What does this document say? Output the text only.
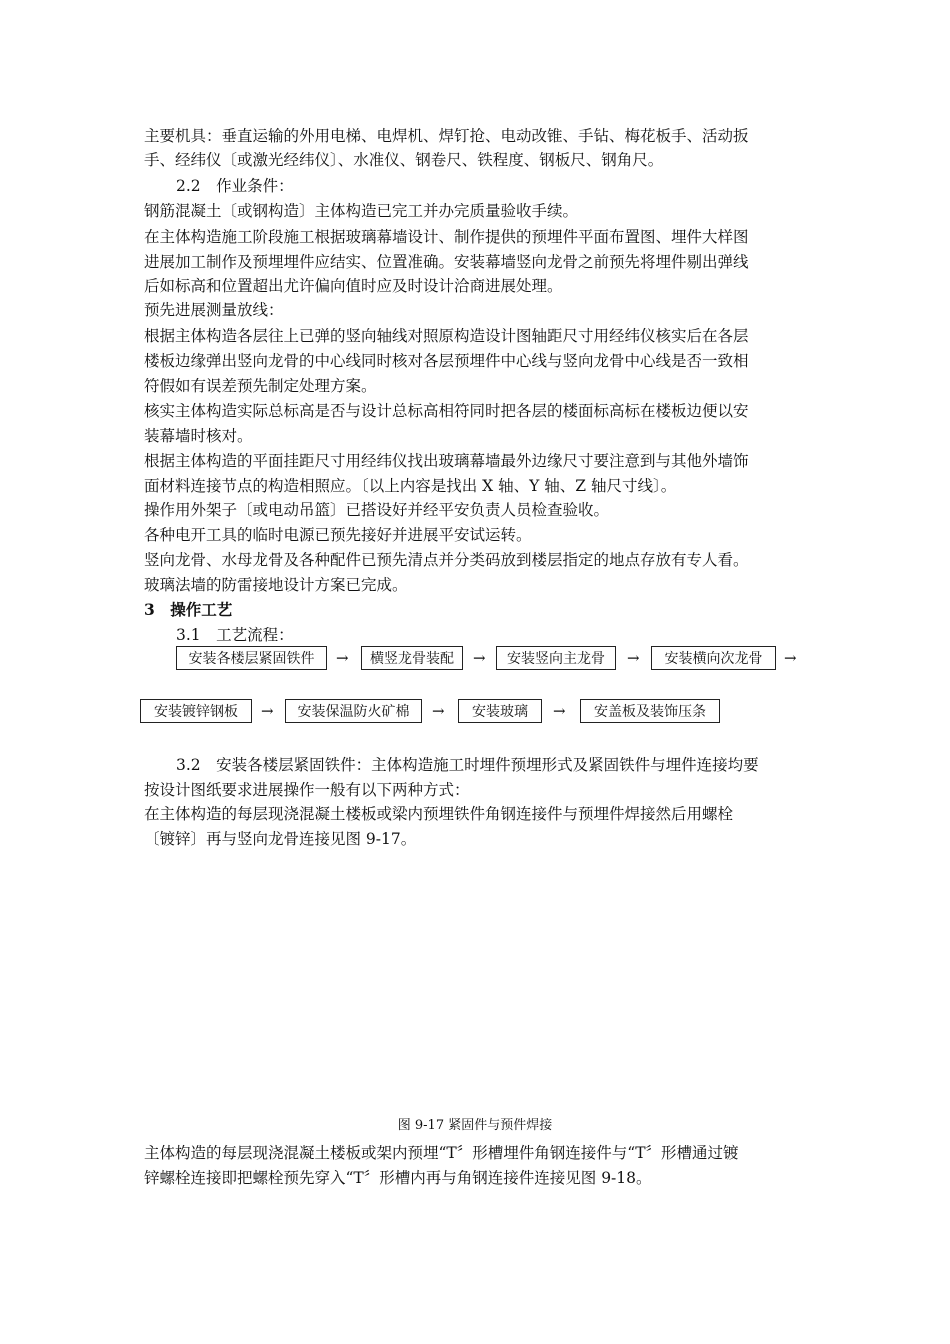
主要机具：垂直运输的外用电梯、电焊机、焊钉抢、电动改锥、手钻、梅花板手、活动扳
手、经纬仪〔或激光经纬仪〕、水准仪、钢卷尺、铁程度、钢板尺、钢角尺。
2.2　作业条件：
钢筋混凝土〔或钢构造〕主体构造已完工并办完质量验收手续。
在主体构造施工阶段施工根据玻璃幕墙设计、制作提供的预埋件平面布置图、埋件大样图
进展加工制作及预埋埋件应结实、位置准确。安装幕墙竖向龙骨之前预先将埋件剔出弹线
后如标高和位置超出尤许偏向值时应及时设计洽商进展处理。
预先进展测量放线：
根据主体构造各层往上已弹的竖向轴线对照原构造设计图轴距尺寸用经纬仪核实后在各层
楼板边缘弹出竖向龙骨的中心线同时核对各层预埋件中心线与竖向龙骨中心线是否一致相
符假如有误差预先制定处理方案。
核实主体构造实际总标高是否与设计总标高相符同时把各层的楼面标高标在楼板边便以安
装幕墙时核对。
根据主体构造的平面挂距尺寸用经纬仪找出玻璃幕墙最外边缘尺寸要注意到与其他外墙饰
面材料连接节点的构造相照应。〔以上内容是找出 X 轴、Y 轴、Z 轴尺寸线〕。
操作用外架子〔或电动吊篮〕已搭设好并经平安负责人员检查验收。
各种电开工具的临时电源已预先接好并进展平安试运转。
竖向龙骨、水母龙骨及各种配件已预先清点并分类码放到楼层指定的地点存放有专人看。
玻璃法墙的防雷接地设计方案已完成。
3　操作工艺
3.1　工艺流程：
安装各楼层紧固铁件	→	横竖龙骨装配	→	安装竖向主龙骨	→	安装横向次龙骨	→
安装镀锌钢板	→	安装保温防火矿棉	→	安装玻璃	→	安盖板及装饰压条
3.2　安装各楼层紧固铁件：主体构造施工时埋件预埋形式及紧固铁件与埋件连接均要
按设计图纸要求进展操作一般有以下两种方式：
在主体构造的每层现浇混凝土楼板或梁内预埋铁件角钢连接件与预埋件焊接然后用螺栓
〔镀锌〕再与竖向龙骨连接见图 9-17。
图 9-17 紧固件与预件焊接
主体构造的每层现浇混凝土楼板或架内预埋“T〞形槽埋件角钢连接件与“T〞形槽通过镀
锌螺栓连接即把螺栓预先穿入“T〞形槽内再与角钢连接件连接见图 9-18。
